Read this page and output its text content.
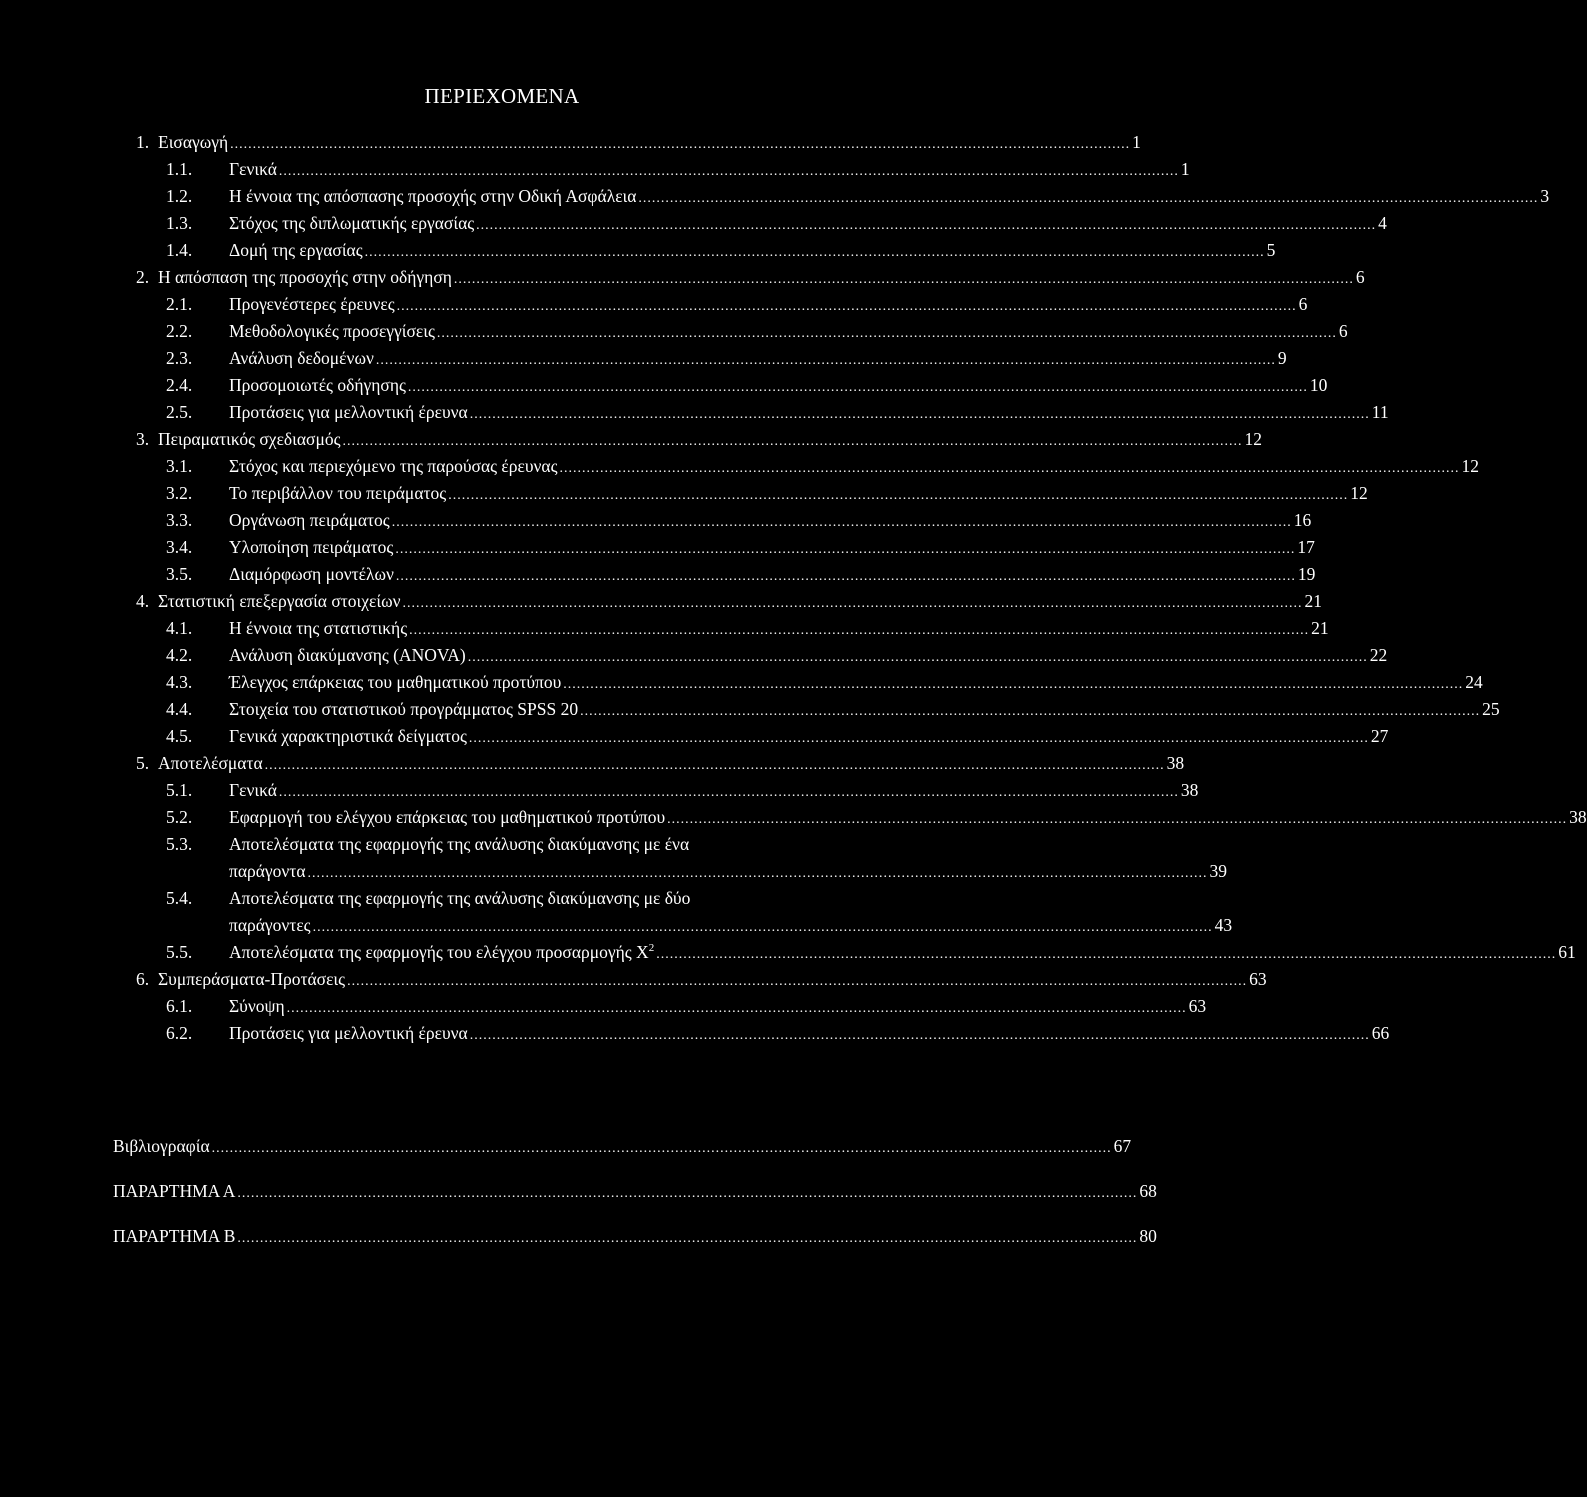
ΠΕΡΙΕΧΟΜΕΝΑ
1. Εισαγωγή ........................................................................................................................................................................................................ 1
1.1. Γενικά ........................................................................................................................................................................................................ 1
1.2. Η έννοια της απόσπασης προσοχής στην Οδική Ασφάλεια ........................................................................................................................................................................................................ 3
1.3. Στόχος της διπλωματικής εργασίας ........................................................................................................................................................................................................ 4
1.4. Δομή της εργασίας ........................................................................................................................................................................................................ 5
2. Η απόσπαση της προσοχής στην οδήγηση ........................................................................................................................................................................................................ 6
2.1. Προγενέστερες έρευνες ........................................................................................................................................................................................................ 6
2.2. Μεθοδολογικές προσεγγίσεις ........................................................................................................................................................................................................ 6
2.3. Ανάλυση δεδομένων ........................................................................................................................................................................................................ 9
2.4. Προσομοιωτές οδήγησης ........................................................................................................................................................................................................ 10
2.5. Προτάσεις για μελλοντική έρευνα ........................................................................................................................................................................................................ 11
3. Πειραματικός σχεδιασμός ........................................................................................................................................................................................................ 12
3.1. Στόχος και περιεχόμενο της παρούσας έρευνας ........................................................................................................................................................................................................ 12
3.2. Το περιβάλλον του πειράματος ........................................................................................................................................................................................................ 12
3.3. Οργάνωση πειράματος ........................................................................................................................................................................................................ 16
3.4. Υλοποίηση πειράματος ........................................................................................................................................................................................................ 17
3.5. Διαμόρφωση μοντέλων ........................................................................................................................................................................................................ 19
4. Στατιστική επεξεργασία στοιχείων ........................................................................................................................................................................................................ 21
4.1. Η έννοια της στατιστικής ........................................................................................................................................................................................................ 21
4.2. Ανάλυση διακύμανσης (ANOVA) ........................................................................................................................................................................................................ 22
4.3. Έλεγχος επάρκειας του μαθηματικού προτύπου ........................................................................................................................................................................................................ 24
4.4. Στοιχεία του στατιστικού προγράμματος SPSS 20 ........................................................................................................................................................................................................ 25
4.5. Γενικά χαρακτηριστικά δείγματος ........................................................................................................................................................................................................ 27
5. Αποτελέσματα ........................................................................................................................................................................................................ 38
5.1. Γενικά ........................................................................................................................................................................................................ 38
5.2. Εφαρμογή του ελέγχου επάρκειας του μαθηματικού προτύπου ........................................................................................................................................................................................................ 38
5.3. Αποτελέσματα της εφαρμογής της ανάλυσης διακύμανσης με ένα
παράγοντα ........................................................................................................................................................................................................ 39
5.4. Αποτελέσματα της εφαρμογής της ανάλυσης διακύμανσης με δύο
παράγοντες ........................................................................................................................................................................................................ 43
5.5. Αποτελέσματα της εφαρμογής του ελέγχου προσαρμογής $X^2$ ........................................................................................................................................................................................................ 61
6. Συμπεράσματα-Προτάσεις ........................................................................................................................................................................................................ 63
6.1. Σύνοψη ........................................................................................................................................................................................................ 63
6.2. Προτάσεις για μελλοντική έρευνα ........................................................................................................................................................................................................ 66
Βιβλιογραφία ........................................................................................................................................................................................................ 67
ΠΑΡΑΡΤΗΜΑ Α ........................................................................................................................................................................................................ 68
ΠΑΡΑΡΤΗΜΑ Β ........................................................................................................................................................................................................ 80
